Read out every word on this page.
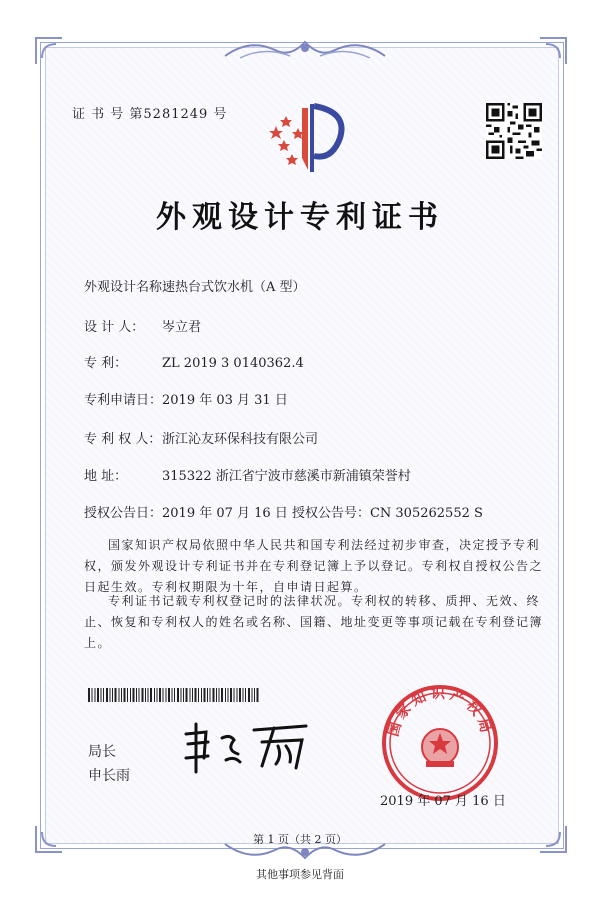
证 书 号 第5281249 号
外观设计专利证书
外观设计名称：速热台式饮水机（A 型）
设 计 人： 岑立君
专 利：	ZL 2019 3 0140362.4
专利申请日：2019 年 03 月 31 日
专 利 权 人：浙江沁友环保科技有限公司
地 址：	315322 浙江省宁波市慈溪市新浦镇荣誉村
授权公告日：2019 年 07 月 16 日 授权公告号：CN 305262552 S
国家知识产权局依照中华人民共和国专利法经过初步审查，决定授予专利权，颁发外观设计专利证书并在专利登记簿上予以登记。专利权自授权公告之日起生效。专利权期限为十年，自申请日起算。
专利证书记载专利权登记时的法律状况。专利权的转移、质押、无效、终止、恢复和专利权人的姓名或名称、国籍、地址变更等事项记载在专利登记簿上。
局长
申长雨
国家知识产权局
2019 年 07 月 16 日
第 1 页（共 2 页）
其他事项参见背面
